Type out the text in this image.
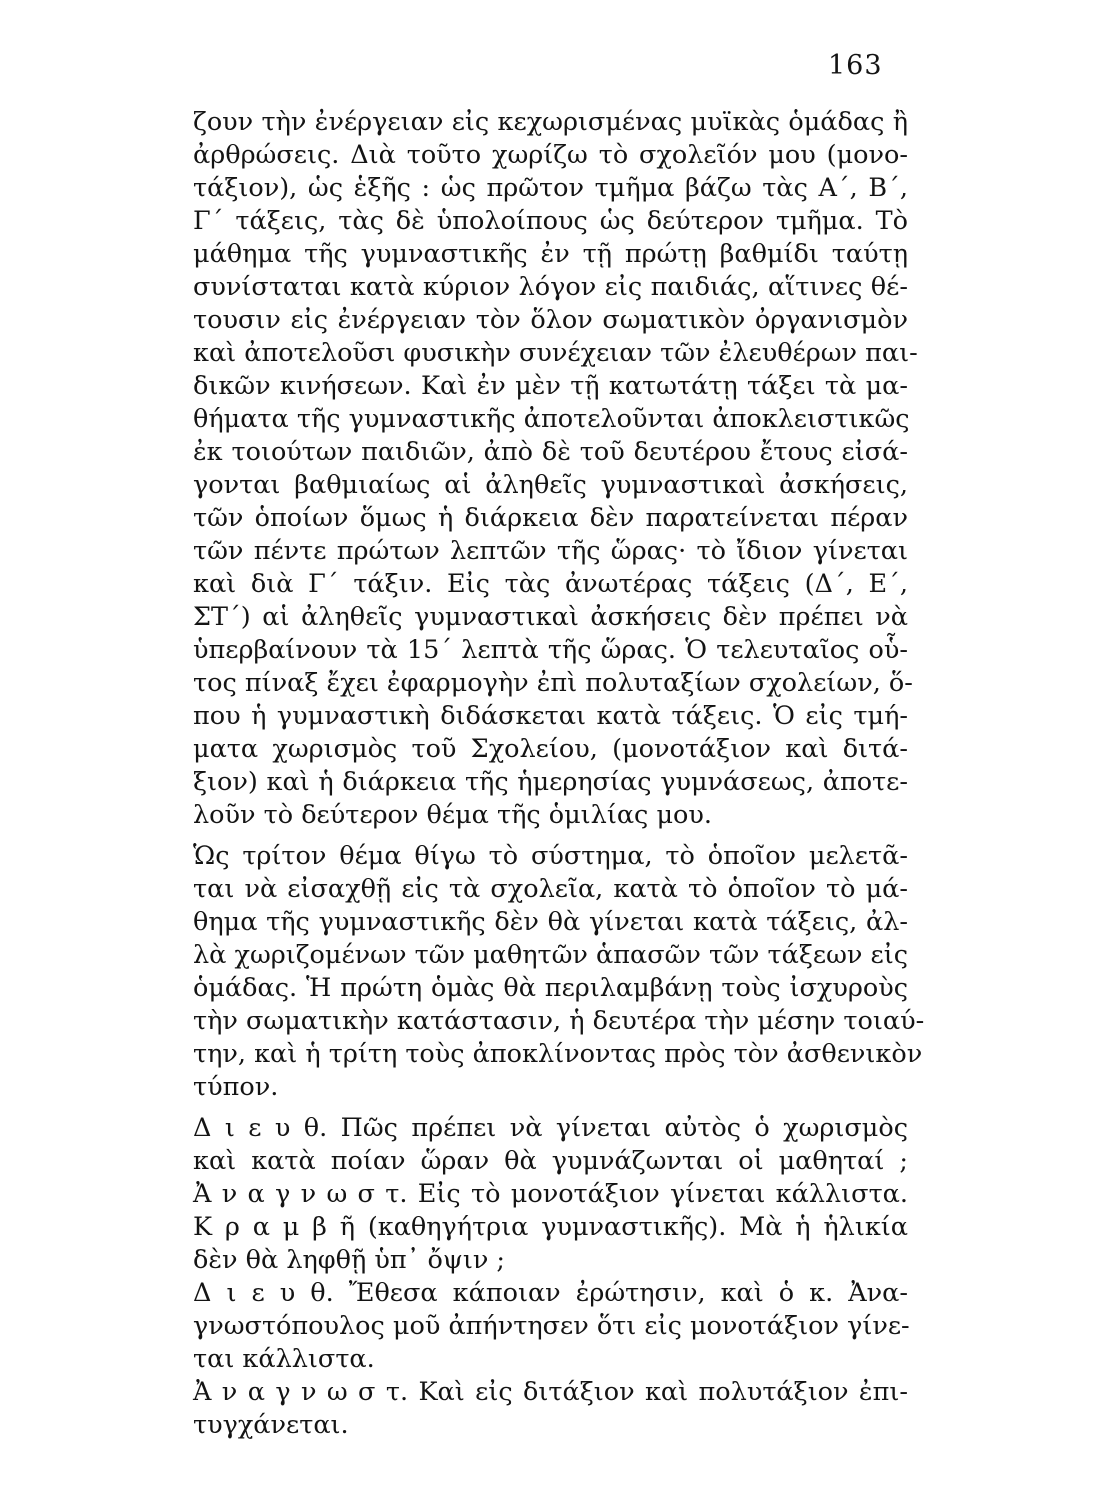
163
ζουν τὴν ἐνέργειαν εἰς κεχωρισμένας μυϊκὰς ὁμάδας ἢ
ἀρθρώσεις. Διὰ τοῦτο χωρίζω τὸ σχολεῖόν μου (μονο-
τάξιον), ὡς ἑξῆς : ὡς πρῶτον τμῆμα βάζω τὰς Α΄, Β΄,
Γ΄ τάξεις, τὰς δὲ ὑπολοίπους ὡς δεύτερον τμῆμα. Τὸ
μάθημα τῆς γυμναστικῆς ἐν τῇ πρώτῃ βαθμίδι ταύτῃ
συνίσταται κατὰ κύριον λόγον εἰς παιδιάς, αἵτινες θέ-
τουσιν εἰς ἐνέργειαν τὸν ὅλον σωματικὸν ὀργανισμὸν
καὶ ἀποτελοῦσι φυσικὴν συνέχειαν τῶν ἐλευθέρων παι-
δικῶν κινήσεων. Καὶ ἐν μὲν τῇ κατωτάτῃ τάξει τὰ μα-
θήματα τῆς γυμναστικῆς ἀποτελοῦνται ἀποκλειστικῶς
ἐκ τοιούτων παιδιῶν, ἀπὸ δὲ τοῦ δευτέρου ἔτους εἰσά-
γονται βαθμιαίως αἱ ἀληθεῖς γυμναστικαὶ ἀσκήσεις,
τῶν ὁποίων ὅμως ἡ διάρκεια δὲν παρατείνεται πέραν
τῶν πέντε πρώτων λεπτῶν τῆς ὥρας· τὸ ἴδιον γίνεται
καὶ διὰ Γ΄ τάξιν. Εἰς τὰς ἀνωτέρας τάξεις (Δ΄, Ε΄,
ΣΤ΄) αἱ ἀληθεῖς γυμναστικαὶ ἀσκήσεις δὲν πρέπει νὰ
ὑπερβαίνουν τὰ 15΄ λεπτὰ τῆς ὥρας. Ὁ τελευταῖος οὗ-
τος πίναξ ἔχει ἐφαρμογὴν ἐπὶ πολυταξίων σχολείων, ὅ-
που ἡ γυμναστικὴ διδάσκεται κατὰ τάξεις. Ὁ εἰς τμή-
ματα χωρισμὸς τοῦ Σχολείου, (μονοτάξιον καὶ διτά-
ξιον) καὶ ἡ διάρκεια τῆς ἡμερησίας γυμνάσεως, ἀποτε-
λοῦν τὸ δεύτερον θέμα τῆς ὁμιλίας μου.
Ὡς τρίτον θέμα θίγω τὸ σύστημα, τὸ ὁποῖον μελετᾶ-
ται νὰ εἰσαχθῇ εἰς τὰ σχολεῖα, κατὰ τὸ ὁποῖον τὸ μά-
θημα τῆς γυμναστικῆς δὲν θὰ γίνεται κατὰ τάξεις, ἀλ-
λὰ χωριζομένων τῶν μαθητῶν ἁπασῶν τῶν τάξεων εἰς
ὁμάδας. Ἡ πρώτη ὁμὰς θὰ περιλαμβάνῃ τοὺς ἰσχυροὺς
τὴν σωματικὴν κατάστασιν, ἡ δευτέρα τὴν μέσην τοιαύ-
την, καὶ ἡ τρίτη τοὺς ἀποκλίνοντας πρὸς τὸν ἀσθενικὸν
τύπον.
Δ ι ε υ θ. Πῶς πρέπει νὰ γίνεται αὐτὸς ὁ χωρισμὸς
καὶ κατὰ ποίαν ὥραν θὰ γυμνάζωνται οἱ μαθηταί ;
Ἀ ν α γ ν ω σ τ. Εἰς τὸ μονοτάξιον γίνεται κάλλιστα.
Κ ρ α μ β ῆ (καθηγήτρια γυμναστικῆς). Μὰ ἡ ἡλικία
δὲν θὰ ληφθῇ ὑπ᾿ ὄψιν ;
Δ ι ε υ θ. Ἔθεσα κάποιαν ἐρώτησιν, καὶ ὁ κ. Ἀνα-
γνωστόπουλος μοῦ ἀπήντησεν ὅτι εἰς μονοτάξιον γίνε-
ται κάλλιστα.
Ἀ ν α γ ν ω σ τ. Καὶ εἰς διτάξιον καὶ πολυτάξιον ἐπι-
τυγχάνεται.
